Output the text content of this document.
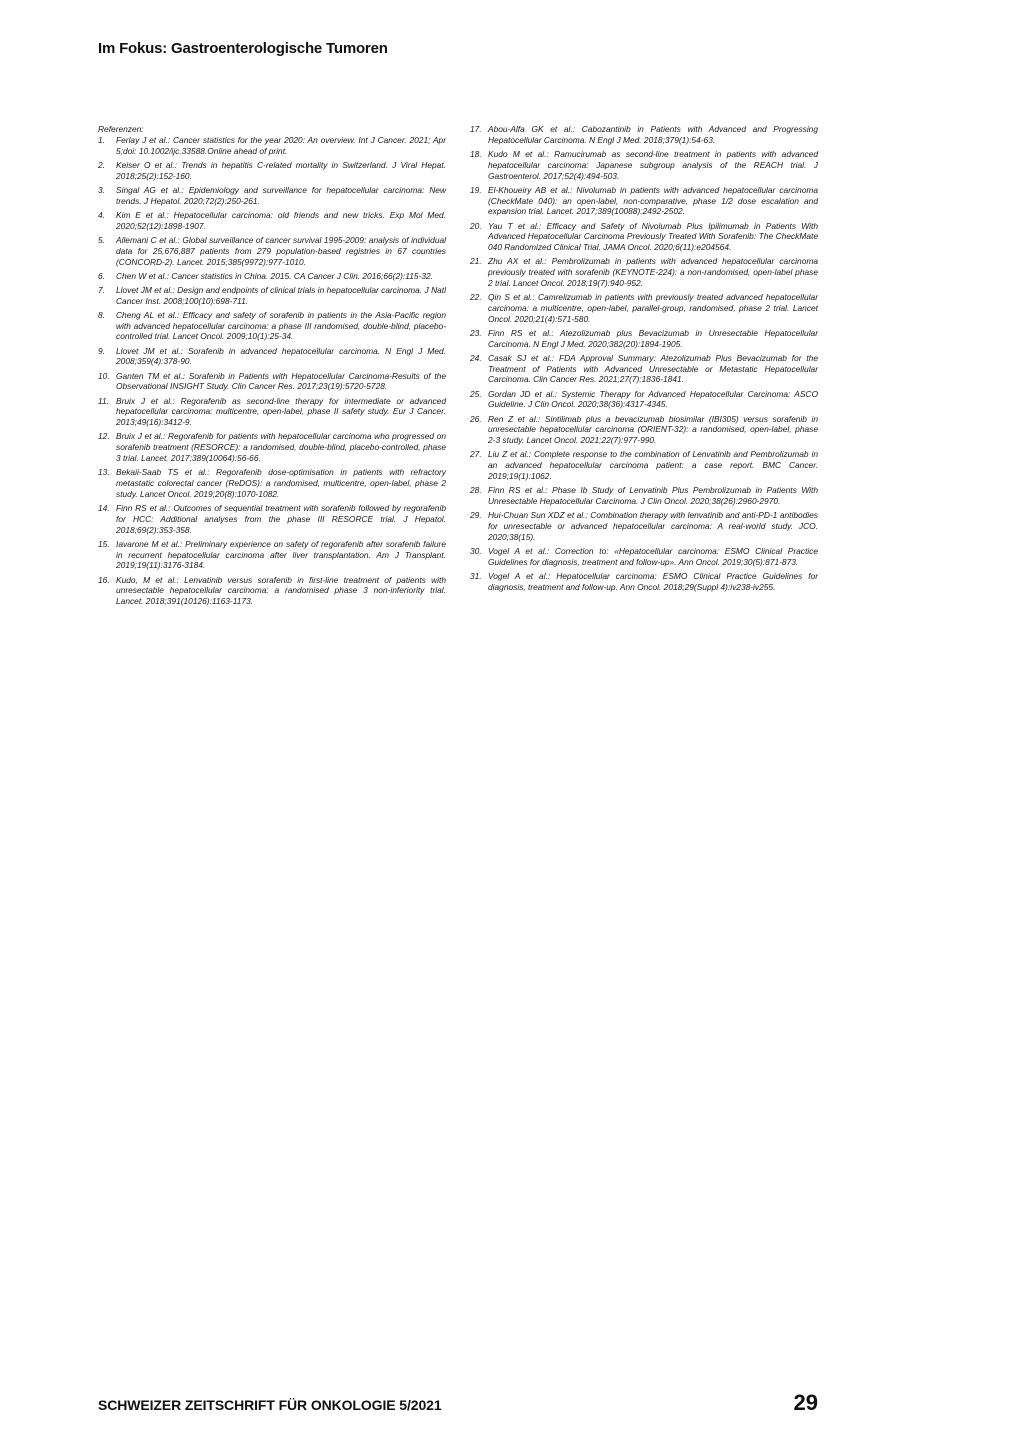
Im Fokus: Gastroenterologische Tumoren
Referenzen:
1.	Ferlay J et al.: Cancer statistics for the year 2020: An overview. Int J Cancer. 2021; Apr 5;doi: 10.1002/ijc.33588.Online ahead of print.
2.	Keiser O et al.: Trends in hepatitis C-related mortality in Switzerland. J Viral Hepat. 2018;25(2):152-160.
3.	Singal AG et al.: Epidemiology and surveillance for hepatocellular carcinoma: New trends. J Hepatol. 2020;72(2):250-261.
4.	Kim E et al.: Hepatocellular carcinoma: old friends and new tricks. Exp Mol Med. 2020;52(12):1898-1907.
5.	Allemani C et al.: Global surveillance of cancer survival 1995-2009: analysis of individual data for 25,676,887 patients from 279 population-based registries in 67 countries (CONCORD-2). Lancet. 2015;385(9972):977-1010.
6.	Chen W et al.: Cancer statistics in China. 2015. CA Cancer J Clin. 2016;66(2):115-32.
7.	Llovet JM et al.: Design and endpoints of clinical trials in hepatocellular carcinoma. J Natl Cancer Inst. 2008;100(10):698-711.
8.	Cheng AL et al.: Efficacy and safety of sorafenib in patients in the Asia-Pacific region with advanced hepatocellular carcinoma: a phase III randomised, double-blind, placebo-controlled trial. Lancet Oncol. 2009;10(1):25-34.
9.	Llovet JM et al.: Sorafenib in advanced hepatocellular carcinoma. N Engl J Med. 2008;359(4):378-90.
10. Ganten TM et al.: Sorafenib in Patients with Hepatocellular Carcinoma-Results of the Observational INSIGHT Study. Clin Cancer Res. 2017;23(19):5720-5728.
11. Bruix J et al.: Regorafenib as second-line therapy for intermediate or advanced hepatocellular carcinoma: multicentre, open-label, phase II safety study. Eur J Cancer. 2013;49(16):3412-9.
12. Bruix J et al.: Regorafenib for patients with hepatocellular carcinoma who progressed on sorafenib treatment (RESORCE): a randomised, double-blind, placebo-controlled, phase 3 trial. Lancet. 2017;389(10064):56-66.
13. Bekaii-Saab TS et al.: Regorafenib dose-optimisation in patients with refractory metastatic colorectal cancer (ReDOS): a randomised, multicentre, open-label, phase 2 study. Lancet Oncol. 2019;20(8):1070-1082.
14. Finn RS et al.: Outcomes of sequential treatment with sorafenib followed by regorafenib for HCC: Additional analyses from the phase III RESORCE trial. J Hepatol. 2018;69(2):353-358.
15. Iavarone M et al.: Preliminary experience on safety of regorafenib after sorafenib failure in recurrent hepatocellular carcinoma after liver transplantation. Am J Transplant. 2019;19(11):3176-3184.
16. Kudo, M et al.: Lenvatinib versus sorafenib in first-line treatment of patients with unresectable hepatocellular carcinoma: a randomised phase 3 non-inferiority trial. Lancet. 2018;391(10126):1163-1173.
17. Abou-Alfa GK et al.: Cabozantinib in Patients with Advanced and Progressing Hepatocellular Carcinoma. N Engl J Med. 2018;379(1):54-63.
18. Kudo M et al.: Ramucirumab as second-line treatment in patients with advanced hepatocellular carcinoma: Japanese subgroup analysis of the REACH trial. J Gastroenterol. 2017;52(4):494-503.
19. El-Khoueiry AB et al.: Nivolumab in patients with advanced hepatocellular carcinoma (CheckMate 040): an open-label, non-comparative, phase 1/2 dose escalation and expansion trial. Lancet. 2017;389(10088):2492-2502.
20. Yau T et al.: Efficacy and Safety of Nivolumab Plus Ipilimumab in Patients With Advanced Hepatocellular Carcinoma Previously Treated With Sorafenib: The CheckMate 040 Randomized Clinical Trial. JAMA Oncol. 2020;6(11):e204564.
21. Zhu AX et al.: Pembrolizumab in patients with advanced hepatocellular carcinoma previously treated with sorafenib (KEYNOTE-224): a non-randomised, open-label phase 2 trial. Lancet Oncol. 2018;19(7):940-952.
22. Qin S et al.: Camrelizumab in patients with previously treated advanced hepatocellular carcinoma: a multicentre, open-label, parallel-group, randomised, phase 2 trial. Lancet Oncol. 2020;21(4):571-580.
23. Finn RS et al.: Atezolizumab plus Bevacizumab in Unresectable Hepatocellular Carcinoma. N Engl J Med. 2020;382(20):1894-1905.
24. Casak SJ et al.: FDA Approval Summary: Atezolizumab Plus Bevacizumab for the Treatment of Patients with Advanced Unresectable or Metastatic Hepatocellular Carcinoma. Clin Cancer Res. 2021;27(7):1836-1841.
25. Gordan JD et al.: Systemic Therapy for Advanced Hepatocellular Carcinoma: ASCO Guideline. J Clin Oncol. 2020;38(36):4317-4345.
26. Ren Z et al.: Sintilimab plus a bevacizumab biosimilar (IBI305) versus sorafenib in unresectable hepatocellular carcinoma (ORIENT-32): a randomised, open-label, phase 2-3 study. Lancet Oncol. 2021;22(7):977-990.
27. Liu Z et al.: Complete response to the combination of Lenvatinib and Pembrolizumab in an advanced hepatocellular carcinoma patient: a case report. BMC Cancer. 2019;19(1):1062.
28. Finn RS et al.: Phase Ib Study of Lenvatinib Plus Pembrolizumab in Patients With Unresectable Hepatocellular Carcinoma. J Clin Oncol. 2020;38(26):2960-2970.
29. Hui-Chuan Sun XDZ et al.: Combination therapy with lenvatinib and anti-PD-1 antibodies for unresectable or advanced hepatocellular carcinoma: A real-world study. JCO. 2020;38(15).
30. Vogel A et al.: Correction to: «Hepatocellular carcinoma: ESMO Clinical Practice Guidelines for diagnosis, treatment and follow-up». Ann Oncol. 2019;30(5):871-873.
31. Vogel A et al.: Hepatocellular carcinoma: ESMO Clinical Practice Guidelines for diagnosis, treatment and follow-up. Ann Oncol. 2018;29(Suppl 4):iv238-iv255.
SCHWEIZER ZEITSCHRIFT FÜR ONKOLOGIE 5/2021	29
